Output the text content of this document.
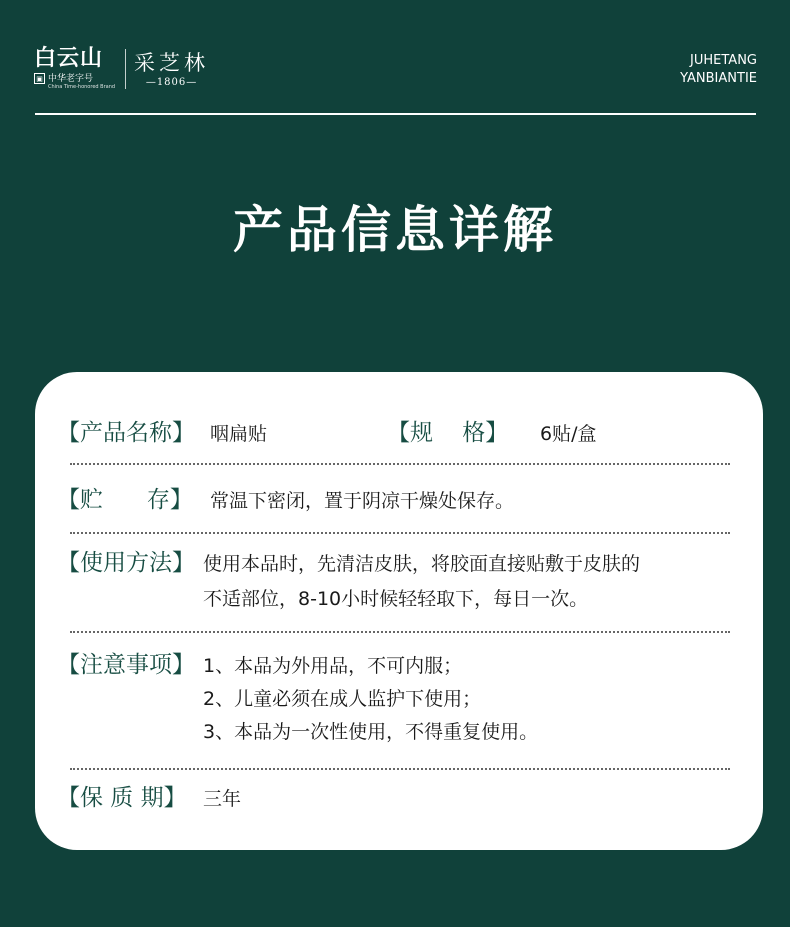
白云山
▣ 中华老字号
China Time-honored Brand
采芝林
—1806—
JUHETANG
YANBIANTIE
产品信息详解
【产品名称】 咽扁贴	【规    格】 6贴/盒
【贮      存】 常温下密闭，置于阴凉干燥处保存。
【使用方法】 使用本品时，先清洁皮肤，将胶面直接贴敷于皮肤的
不适部位，8-10小时候轻轻取下，每日一次。
【注意事项】 1、本品为外用品，不可内服；
2、儿童必须在成人监护下使用；
3、本品为一次性使用，不得重复使用。
【保 质 期】 三年
